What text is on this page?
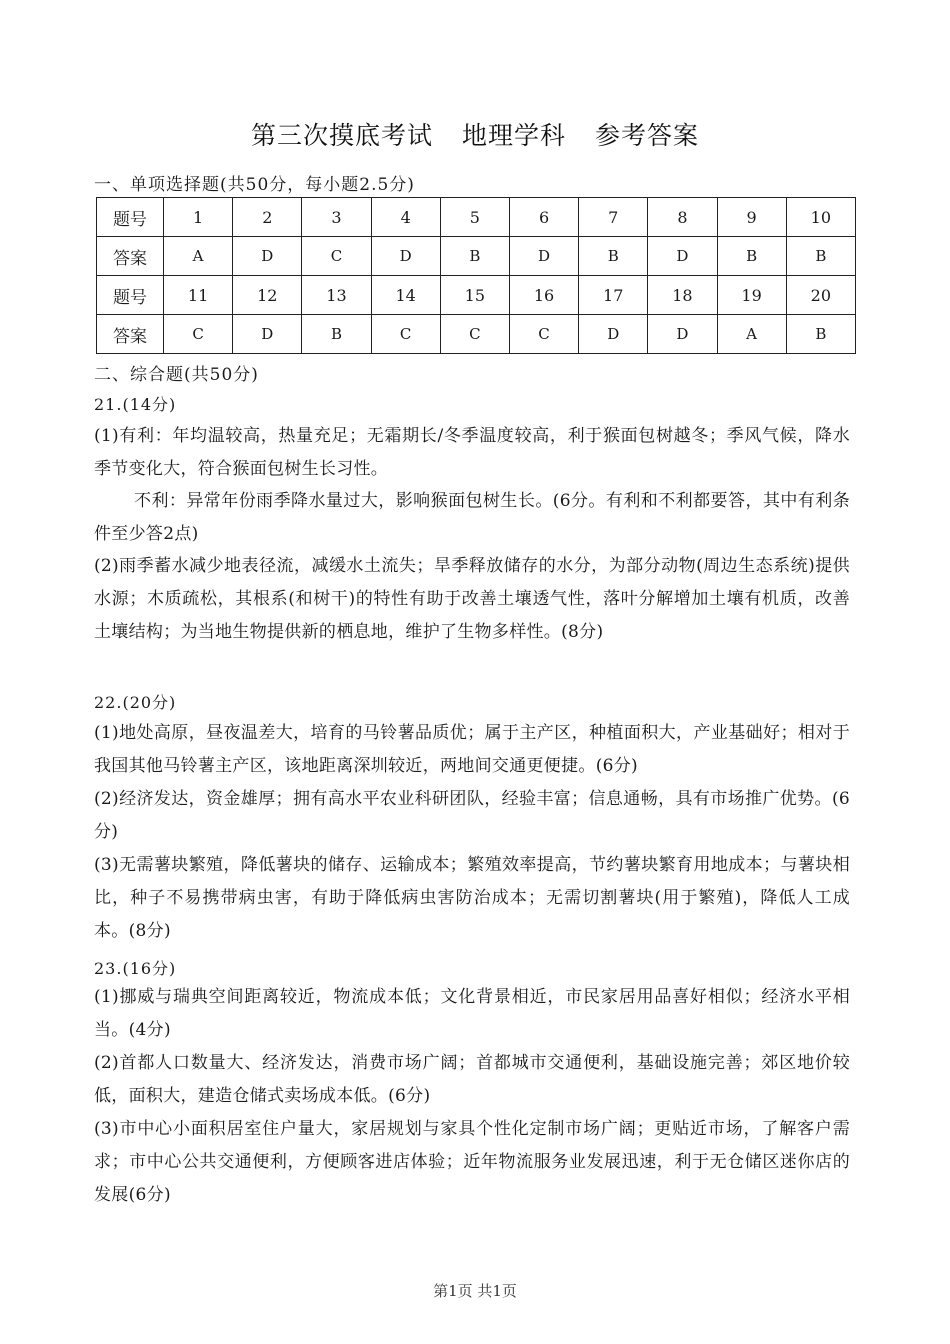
第三次摸底考试 地理学科 参考答案
一、单项选择题(共50分，每小题2.5分)
题号	1	2	3	4	5	6	7	8	9	10
答案	A	D	C	D	B	D	B	D	B	B
题号	11	12	13	14	15	16	17	18	19	20
答案	C	D	B	C	C	C	D	D	A	B
二、综合题(共50分)
21.(14分)
(1)有利：年均温较高，热量充足；无霜期长/冬季温度较高，利于猴面包树越冬；季风气候，降水季节变化大，符合猴面包树生长习性。
不利：异常年份雨季降水量过大，影响猴面包树生长。(6分。有利和不利都要答，其中有利条件至少答2点)
(2)雨季蓄水减少地表径流，减缓水土流失；旱季释放储存的水分，为部分动物(周边生态系统)提供水源；木质疏松，其根系(和树干)的特性有助于改善土壤透气性，落叶分解增加土壤有机质，改善土壤结构；为当地生物提供新的栖息地，维护了生物多样性。(8分)
22.(20分)
(1)地处高原，昼夜温差大，培育的马铃薯品质优；属于主产区，种植面积大，产业基础好；相对于我国其他马铃薯主产区，该地距离深圳较近，两地间交通更便捷。(6分)
(2)经济发达，资金雄厚；拥有高水平农业科研团队，经验丰富；信息通畅，具有市场推广优势。(6分)
(3)无需薯块繁殖，降低薯块的储存、运输成本；繁殖效率提高，节约薯块繁育用地成本；与薯块相比，种子不易携带病虫害，有助于降低病虫害防治成本；无需切割薯块(用于繁殖)，降低人工成本。(8分)
23.(16分)
(1)挪威与瑞典空间距离较近，物流成本低；文化背景相近，市民家居用品喜好相似；经济水平相当。(4分)
(2)首都人口数量大、经济发达，消费市场广阔；首都城市交通便利，基础设施完善；郊区地价较低，面积大，建造仓储式卖场成本低。(6分)
(3)市中心小面积居室住户量大，家居规划与家具个性化定制市场广阔；更贴近市场，了解客户需求；市中心公共交通便利，方便顾客进店体验；近年物流服务业发展迅速，利于无仓储区迷你店的发展(6分)
第1页 共1页
